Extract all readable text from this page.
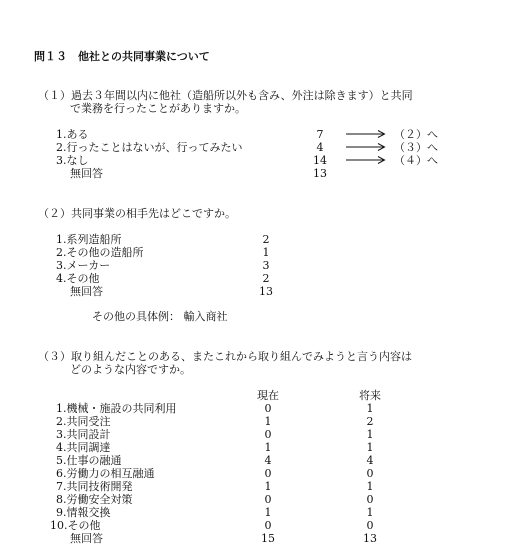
問１３　他社との共同事業について
（１）過去３年間以内に他社（造船所以外も含み、外注は除きます）と共同
で業務を行ったことがありますか。
1.ある	7	（２）へ
2.行ったことはないが、行ってみたい	4	（３）へ
3.なし	14	（４）へ
無回答	13
（２）共同事業の相手先はどこですか。
1.系列造船所	2
2.その他の造船所	1
3.メーカー	3
4.その他	2
無回答	13
その他の具体例： 輸入商社
（３）取り組んだことのある、またこれから取り組んでみようと言う内容は
どのような内容ですか。
現在	将来
1.機械・施設の共同利用	0	1
2.共同受注	1	2
3.共同設計	0	1
4.共同調達	1	1
5.仕事の融通	4	4
6.労働力の相互融通	0	0
7.共同技術開発	1	1
8.労働安全対策	0	0
9.情報交換	1	1
10.その他	0	0
無回答	15	13
